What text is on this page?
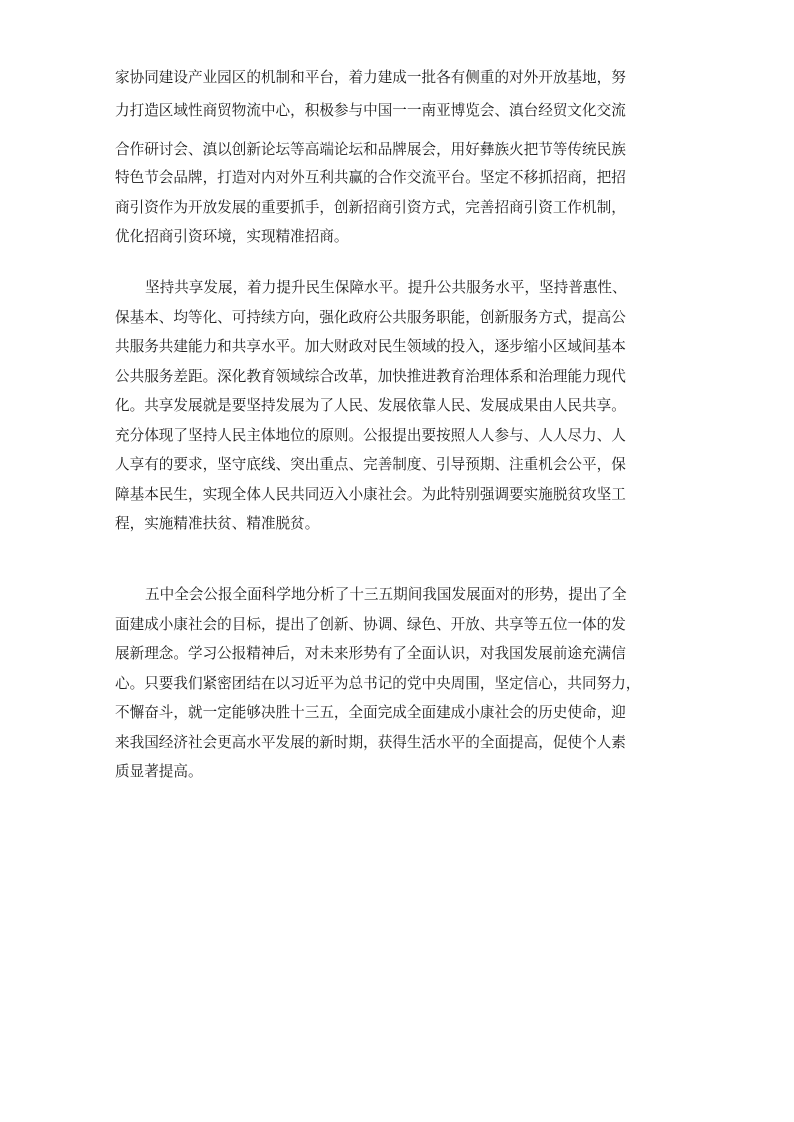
家协同建设产业园区的机制和平台，着力建成一批各有侧重的对外开放基地，努
力打造区域性商贸物流中心，积极参与中国一一南亚博览会、滇台经贸文化交流
合作研讨会、滇以创新论坛等高端论坛和品牌展会，用好彝族火把节等传统民族
特色节会品牌，打造对内对外互利共赢的合作交流平台。坚定不移抓招商，把招
商引资作为开放发展的重要抓手，创新招商引资方式，完善招商引资工作机制，
优化招商引资环境，实现精准招商。
坚持共享发展，着力提升民生保障水平。提升公共服务水平，坚持普惠性、
保基本、均等化、可持续方向，强化政府公共服务职能，创新服务方式，提高公
共服务共建能力和共享水平。加大财政对民生领域的投入，逐步缩小区域间基本
公共服务差距。深化教育领域综合改革，加快推进教育治理体系和治理能力现代
化。共享发展就是要坚持发展为了人民、发展依靠人民、发展成果由人民共享。
充分体现了坚持人民主体地位的原则。公报提出要按照人人参与、人人尽力、人
人享有的要求，坚守底线、突出重点、完善制度、引导预期、注重机会公平，保
障基本民生，实现全体人民共同迈入小康社会。为此特别强调要实施脱贫攻坚工
程，实施精准扶贫、精准脱贫。
五中全会公报全面科学地分析了十三五期间我国发展面对的形势，提出了全
面建成小康社会的目标，提出了创新、协调、绿色、开放、共享等五位一体的发
展新理念。学习公报精神后，对未来形势有了全面认识，对我国发展前途充满信
心。只要我们紧密团结在以习近平为总书记的党中央周围，坚定信心，共同努力，
不懈奋斗，就一定能够决胜十三五，全面完成全面建成小康社会的历史使命，迎
来我国经济社会更高水平发展的新时期，获得生活水平的全面提高，促使个人素
质显著提高。
